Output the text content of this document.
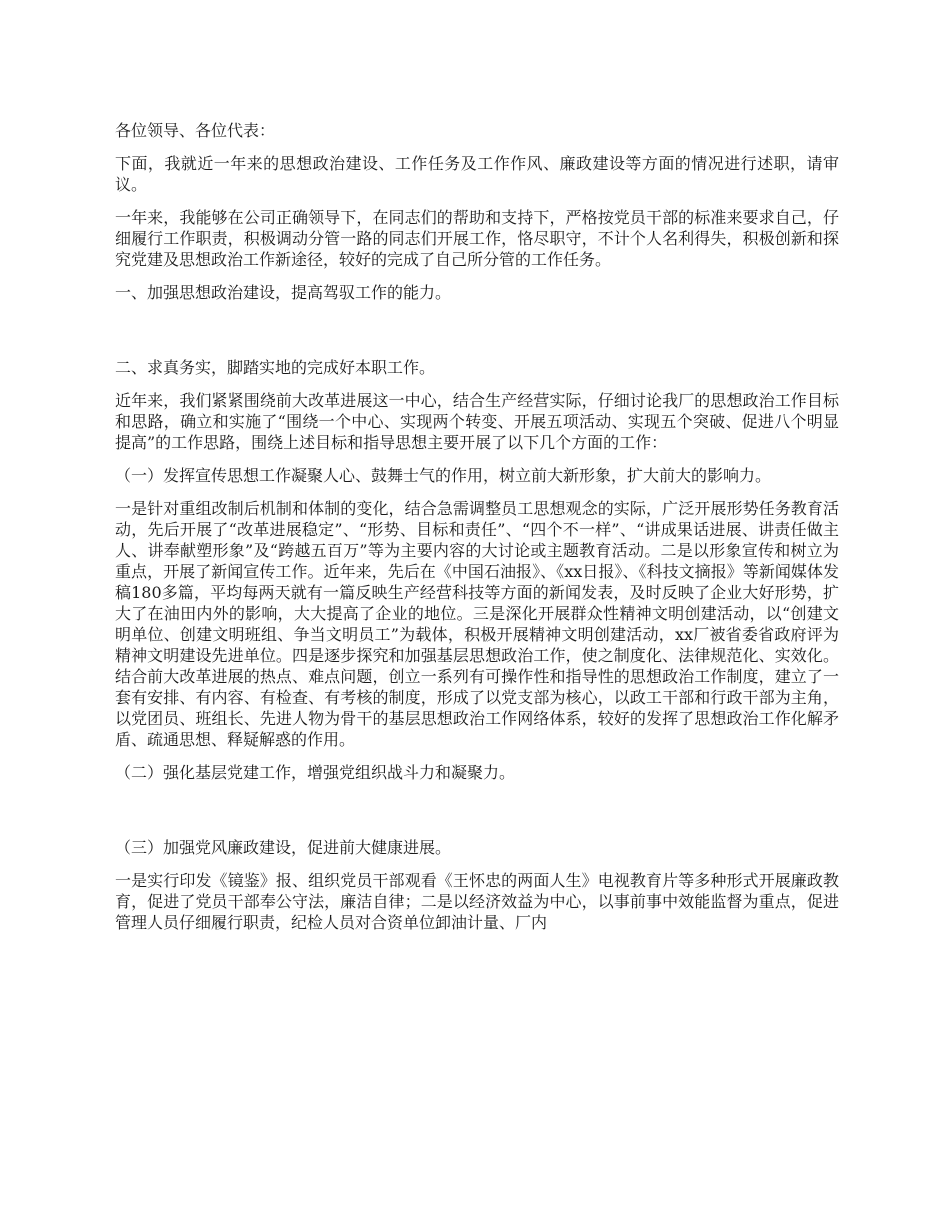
各位领导、各位代表：

下面，我就近一年来的思想政治建设、工作任务及工作作风、廉政建设等方面的情况进行述职，请审议。

一年来，我能够在公司正确领导下，在同志们的帮助和支持下，严格按党员干部的标准来要求自己，仔细履行工作职责，积极调动分管一路的同志们开展工作，恪尽职守，不计个人名利得失，积极创新和探究党建及思想政治工作新途径，较好的完成了自己所分管的工作任务。

一、加强思想政治建设，提高驾驭工作的能力。

二、求真务实，脚踏实地的完成好本职工作。

近年来，我们紧紧围绕前大改革进展这一中心，结合生产经营实际，仔细讨论我厂的思想政治工作目标和思路，确立和实施了“围绕一个中心、实现两个转变、开展五项活动、实现五个突破、促进八个明显提高”的工作思路，围绕上述目标和指导思想主要开展了以下几个方面的工作：

（一）发挥宣传思想工作凝聚人心、鼓舞士气的作用，树立前大新形象，扩大前大的影响力。

一是针对重组改制后机制和体制的变化，结合急需调整员工思想观念的实际，广泛开展形势任务教育活动，先后开展了“改革进展稳定”、“形势、目标和责任”、“四个不一样”、“讲成果话进展、讲责任做主人、讲奉献塑形象”及“跨越五百万”等为主要内容的大讨论或主题教育活动。二是以形象宣传和树立为重点，开展了新闻宣传工作。近年来，先后在《中国石油报》、《xx日报》、《科技文摘报》等新闻媒体发稿180多篇，平均每两天就有一篇反映生产经营科技等方面的新闻发表，及时反映了企业大好形势，扩大了在油田内外的影响，大大提高了企业的地位。三是深化开展群众性精神文明创建活动，以“创建文明单位、创建文明班组、争当文明员工”为载体，积极开展精神文明创建活动，xx厂被省委省政府评为精神文明建设先进单位。四是逐步探究和加强基层思想政治工作，使之制度化、法律规范化、实效化。结合前大改革进展的热点、难点问题，创立一系列有可操作性和指导性的思想政治工作制度，建立了一套有安排、有内容、有检查、有考核的制度，形成了以党支部为核心，以政工干部和行政干部为主角，以党团员、班组长、先进人物为骨干的基层思想政治工作网络体系，较好的发挥了思想政治工作化解矛盾、疏通思想、释疑解惑的作用。

（二）强化基层党建工作，增强党组织战斗力和凝聚力。

（三）加强党风廉政建设，促进前大健康进展。

一是实行印发《镜鉴》报、组织党员干部观看《王怀忠的两面人生》电视教育片等多种形式开展廉政教育，促进了党员干部奉公守法，廉洁自律；二是以经济效益为中心，以事前事中效能监督为重点，促进管理人员仔细履行职责，纪检人员对合资单位卸油计量、厂内
